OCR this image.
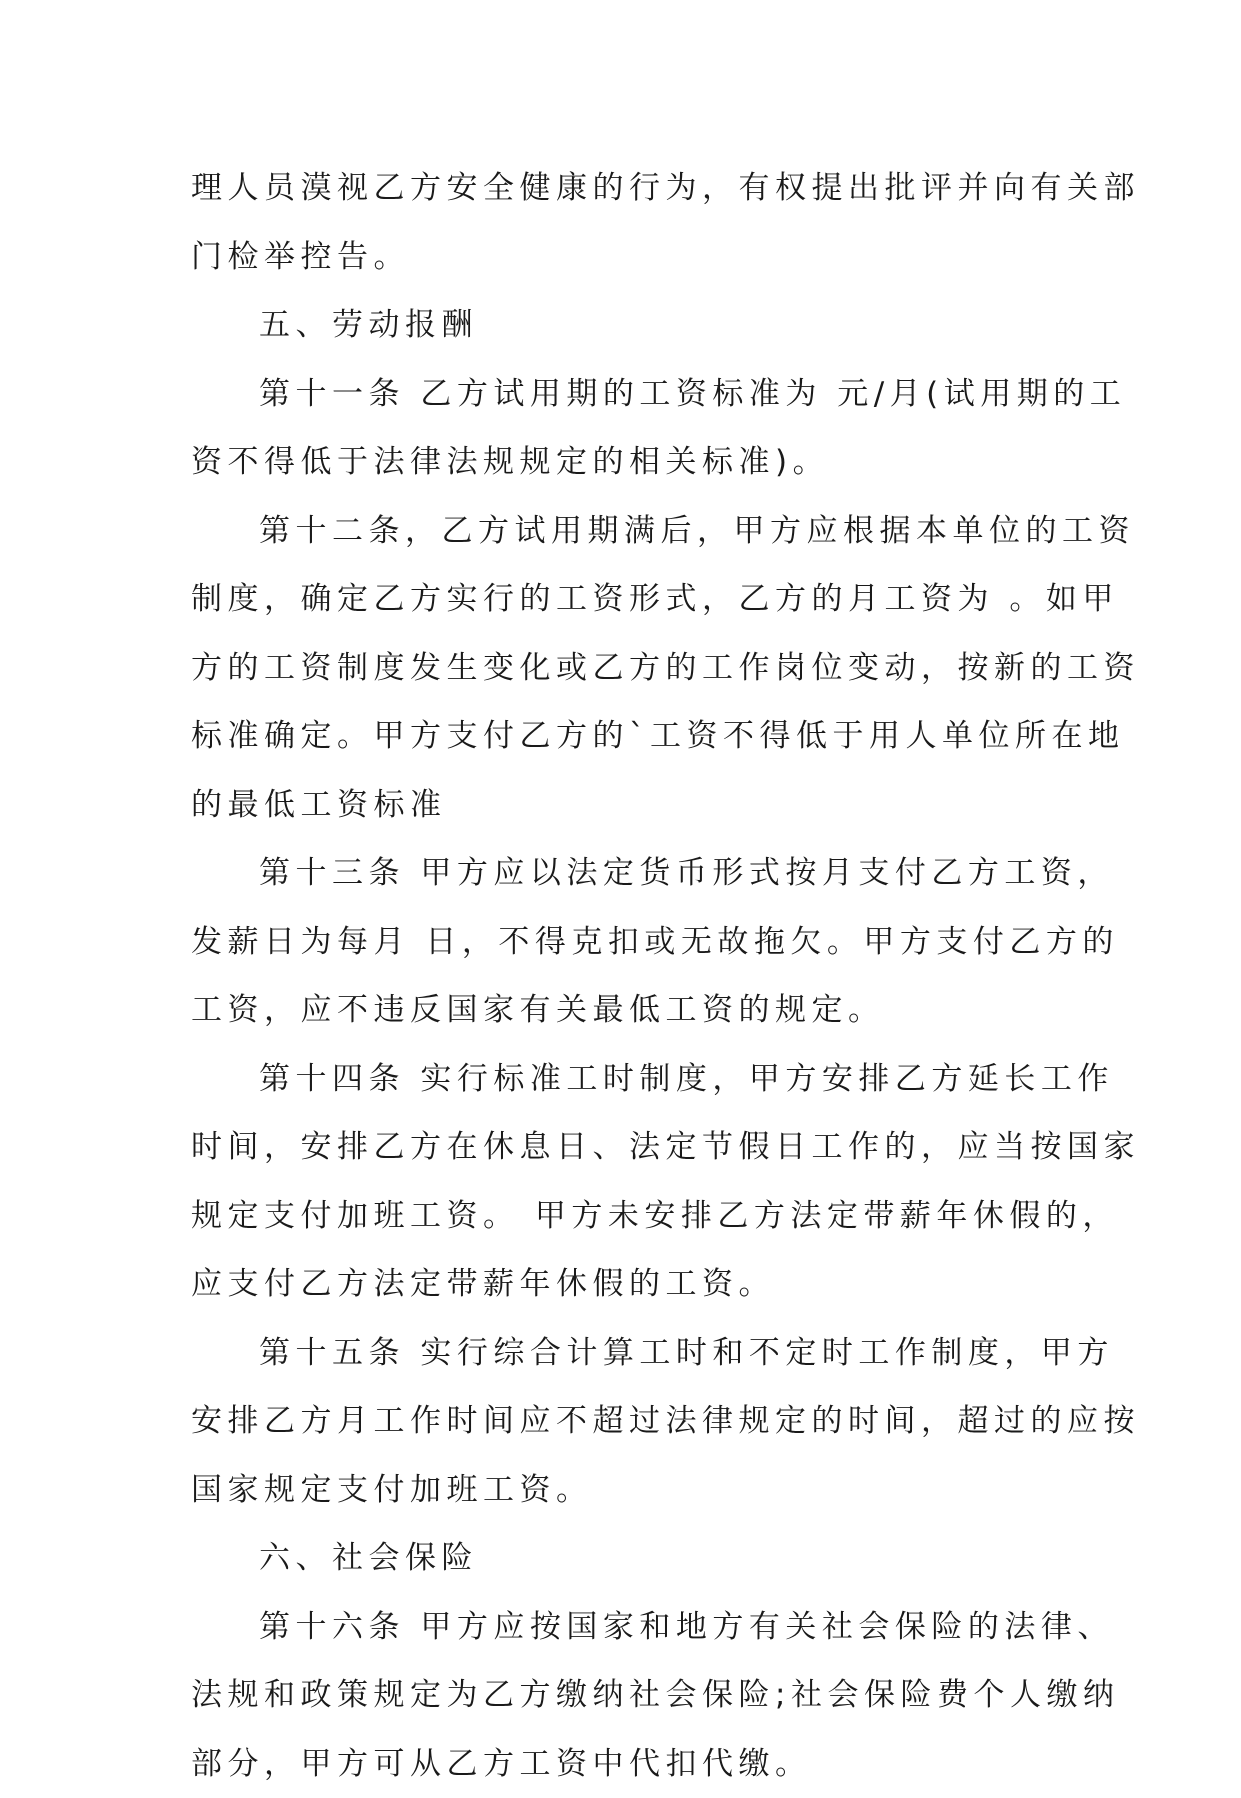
理人员漠视乙方安全健康的行为，有权提出批评并向有关部
门检举控告。
五、劳动报酬
第十一条 乙方试用期的工资标准为 元/月(试用期的工
资不得低于法律法规规定的相关标准)。
第十二条，乙方试用期满后，甲方应根据本单位的工资
制度，确定乙方实行的工资形式，乙方的月工资为 。如甲
方的工资制度发生变化或乙方的工作岗位变动，按新的工资
标准确定。甲方支付乙方的`工资不得低于用人单位所在地
的最低工资标准
第十三条 甲方应以法定货币形式按月支付乙方工资，
发薪日为每月 日，不得克扣或无故拖欠。甲方支付乙方的
工资，应不违反国家有关最低工资的规定。
第十四条 实行标准工时制度，甲方安排乙方延长工作
时间，安排乙方在休息日、法定节假日工作的，应当按国家
规定支付加班工资。 甲方未安排乙方法定带薪年休假的，
应支付乙方法定带薪年休假的工资。
第十五条 实行综合计算工时和不定时工作制度，甲方
安排乙方月工作时间应不超过法律规定的时间，超过的应按
国家规定支付加班工资。
六、社会保险
第十六条 甲方应按国家和地方有关社会保险的法律、
法规和政策规定为乙方缴纳社会保险;社会保险费个人缴纳
部分，甲方可从乙方工资中代扣代缴。
